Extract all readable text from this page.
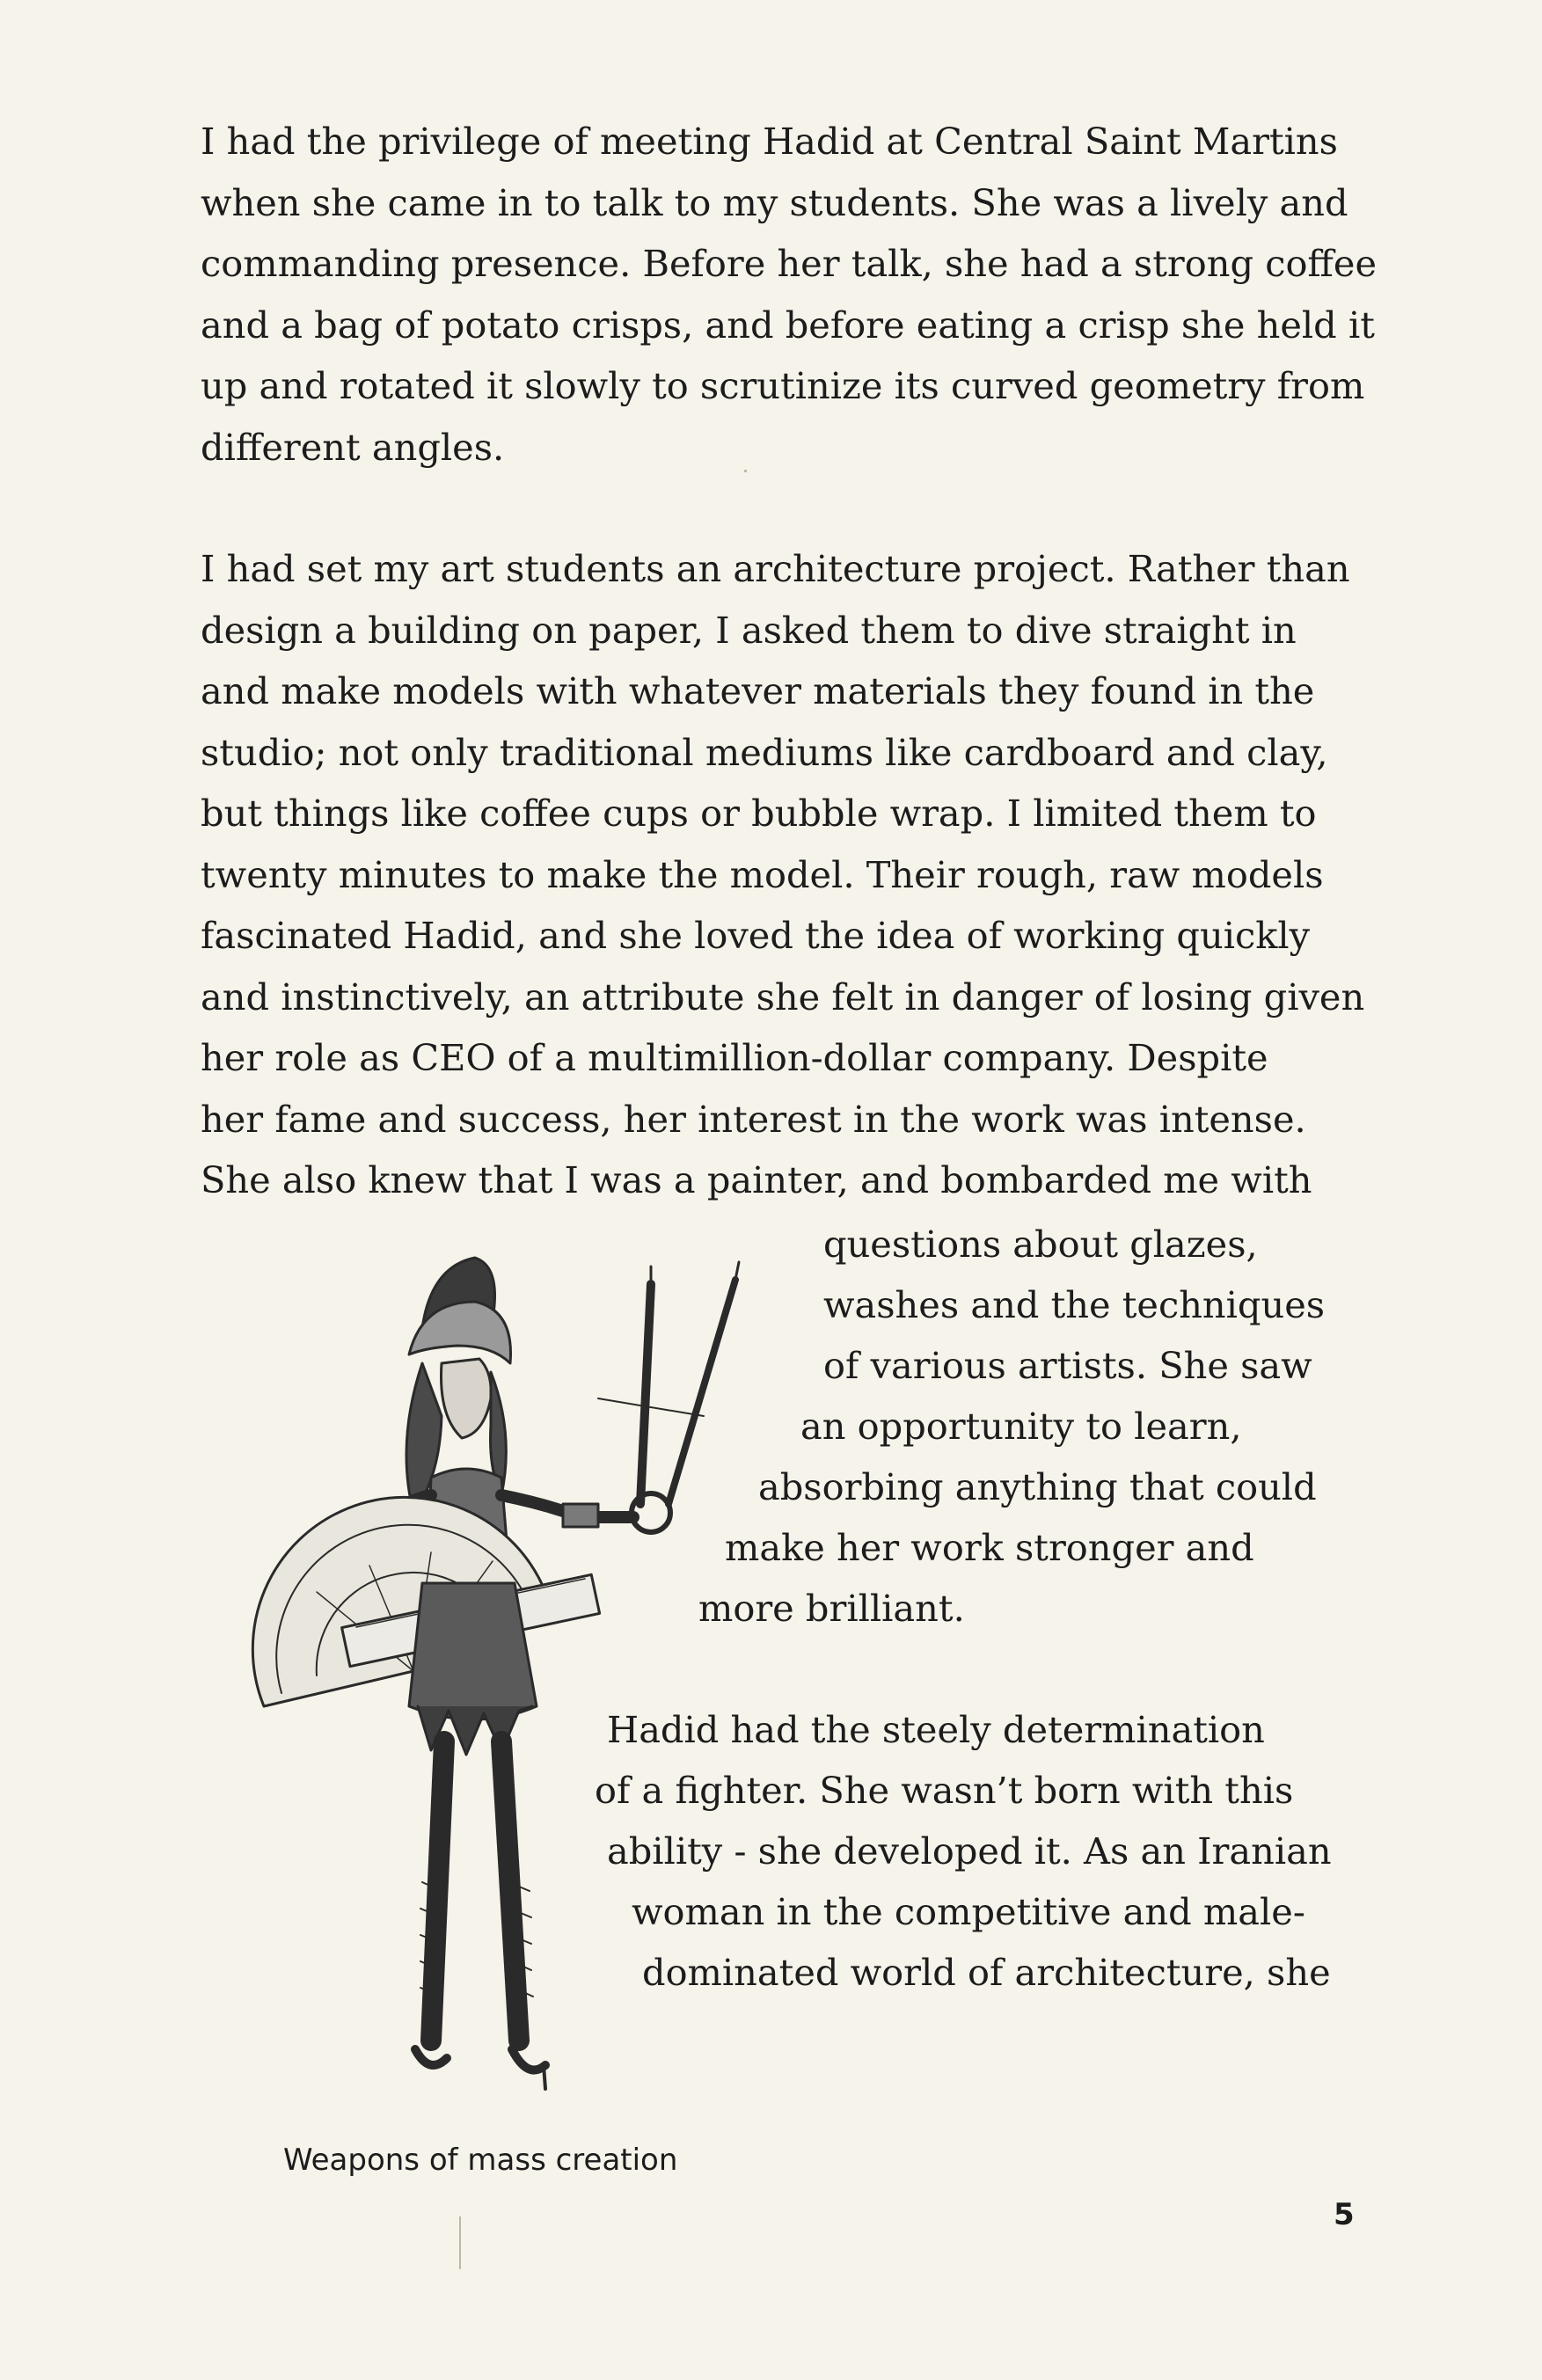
I had the privilege of meeting Hadid at Central Saint Martins
when she came in to talk to my students. She was a lively and
commanding presence. Before her talk, she had a strong coffee
and a bag of potato crisps, and before eating a crisp she held it
up and rotated it slowly to scrutinize its curved geometry from
different angles.
I had set my art students an architecture project. Rather than
design a building on paper, I asked them to dive straight in
and make models with whatever materials they found in the
studio; not only traditional mediums like cardboard and clay,
but things like coffee cups or bubble wrap. I limited them to
twenty minutes to make the model. Their rough, raw models
fascinated Hadid, and she loved the idea of working quickly
and instinctively, an attribute she felt in danger of losing given
her role as CEO of a multimillion-dollar company. Despite
her fame and success, her interest in the work was intense.
She also knew that I was a painter, and bombarded me with
questions about glazes,
washes and the techniques
of various artists. She saw
an opportunity to learn,
absorbing anything that could
make her work stronger and
more brilliant.
Hadid had the steely determination
of a fighter. She wasn’t born with this
ability - she developed it. As an Iranian
woman in the competitive and male-
dominated world of architecture, she
Weapons of mass creation
5
